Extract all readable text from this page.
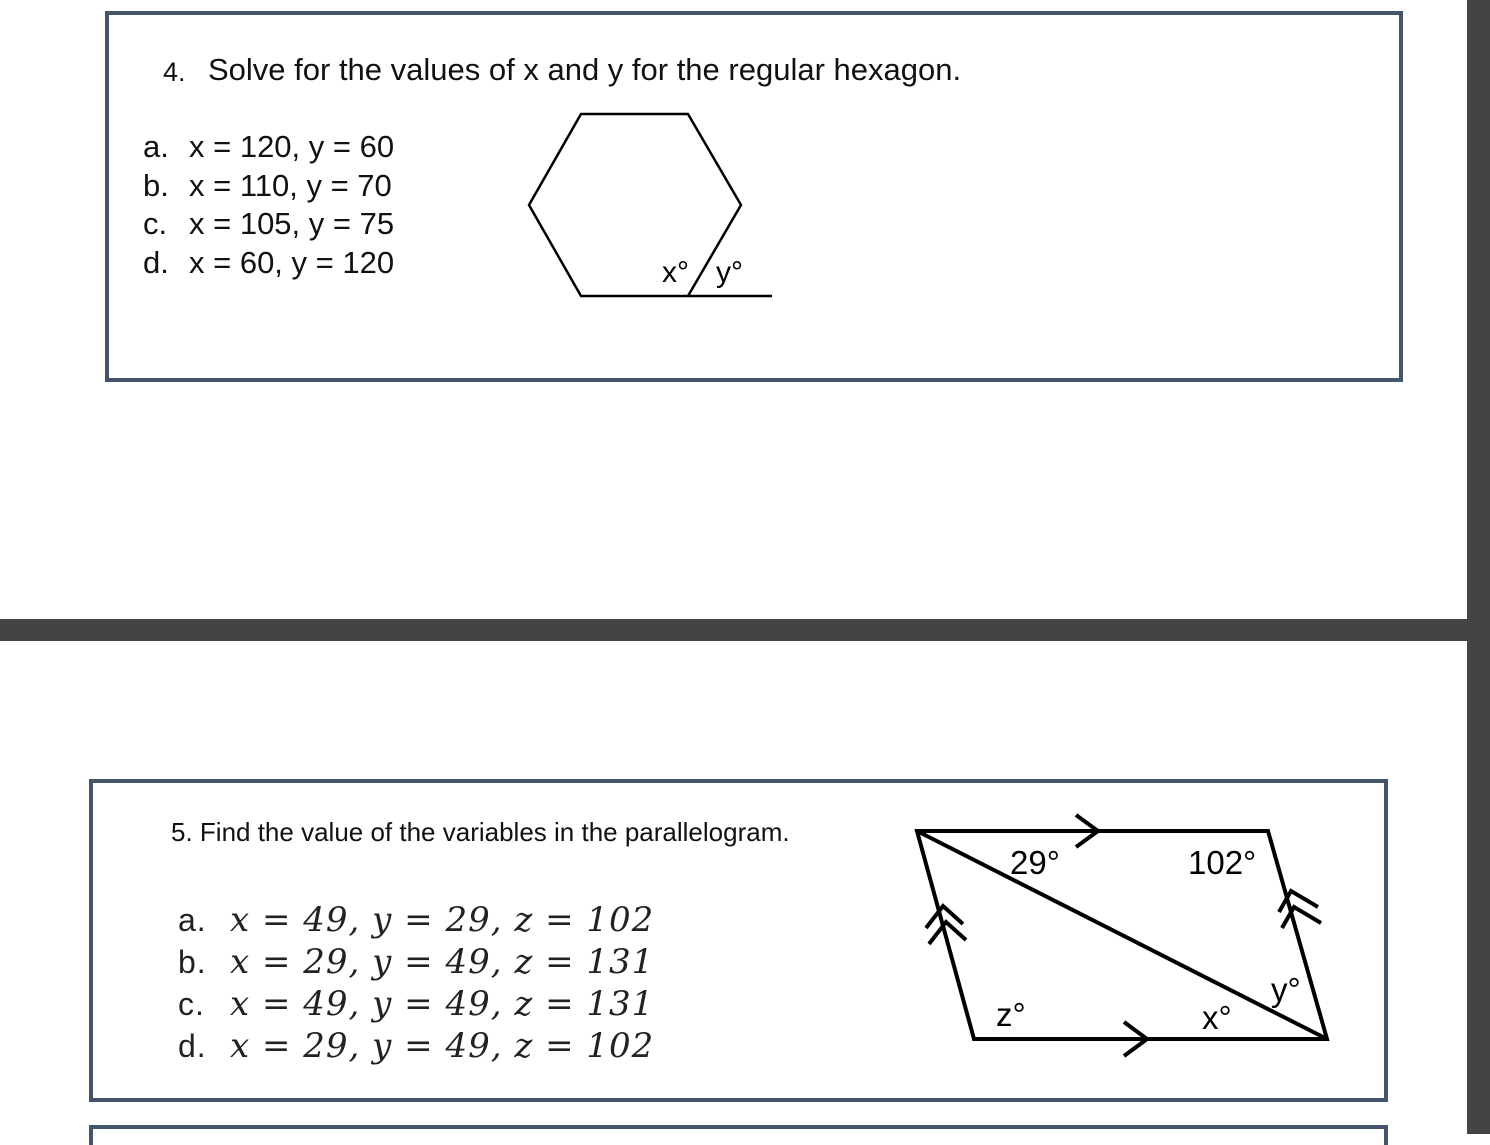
4. Solve for the values of x and y for the regular hexagon.
a. x = 120, y = 60
b. x = 110, y = 70
c. x = 105, y = 75
d. x = 60, y = 120	x° y°
5. Find the value of the variables in the parallelogram.
a. x = 49, y = 29, z = 102
b. x = 29, y = 49, z = 131
c. x = 49, y = 49, z = 131
d. x = 29, y = 49, z = 102
29°	102°
z°	x°
y°
